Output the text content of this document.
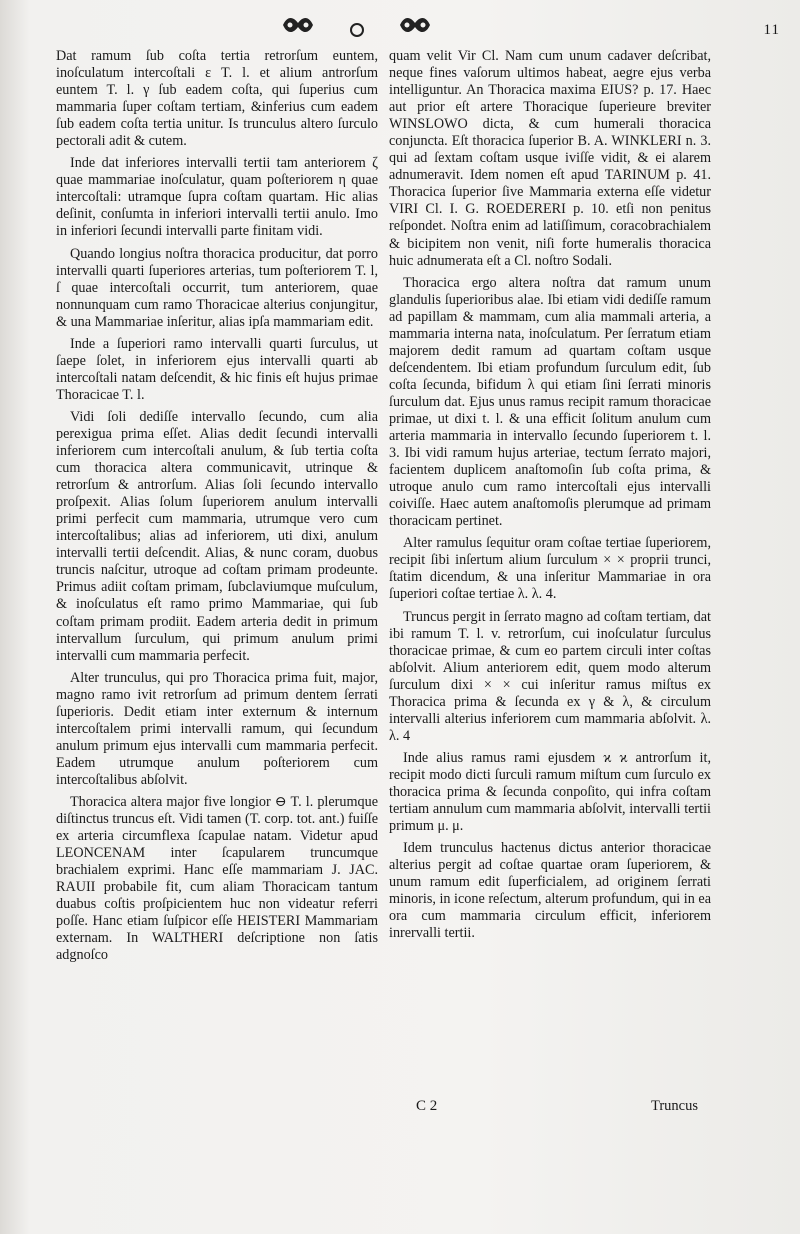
11

Dat ramum ſub coſta tertia retrorſum euntem, inoſculatum intercoſtali ε T. l. et alium antrorſum euntem T. l. γ ſub eadem coſta, qui ſuperius cum mammaria ſuper coſtam tertiam, &inferius cum eadem ſub eadem coſta tertia unitur. Is trunculus altero ſurculo pectorali adit & cutem.

Inde dat inferiores intervalli tertii tam anteriorem ζ quae mammariae inoſculatur, quam poſteriorem η quae intercoſtali: utramque ſupra coſtam quartam. Hic alias deſinit, conſumta in inferiori intervalli tertii anulo. Imo in inferiori ſecundi intervalli parte finitam vidi.

Quando longius noſtra thoracica producitur, dat porro intervalli quarti ſuperiores arterias, tum poſteriorem T. l, ſ quae intercoſtali occurrit, tum anteriorem, quae nonnunquam cum ramo Thoracicae alterius conjungitur, & una Mammariae inſeritur, alias ipſa mammariam edit.

Inde a ſuperiori ramo intervalli quarti ſurculus, ut ſaepe ſolet, in inferiorem ejus intervalli quarti ab intercoſtali natam deſcendit, & hic finis eſt hujus primae Thoracicae T. l.

Vidi ſoli dediſſe intervallo ſecundo, cum alia perexigua prima eſſet. Alias dedit ſecundi intervalli inferiorem cum intercoſtali anulum, & ſub tertia coſta cum thoracica altera communicavit, utrinque & retrorſum & antrorſum. Alias ſoli ſecundo intervallo proſpexit. Alias ſolum ſuperiorem anulum intervalli primi perfecit cum mammaria, utrumque vero cum intercoſtalibus; alias ad inferiorem, uti dixi, anulum intervalli tertii deſcendit. Alias, & nunc coram, duobus truncis naſcitur, utroque ad coſtam primam prodeunte. Primus adiit coſtam primam, ſubclaviumque muſculum, & inoſculatus eſt ramo primo Mammariae, qui ſub coſtam primam prodiit. Eadem arteria dedit in primum intervallum ſurculum, qui primum anulum primi intervalli cum mammaria perfecit.

Alter trunculus, qui pro Thoracica prima fuit, major, magno ramo ivit retrorſum ad primum dentem ſerrati ſuperioris. Dedit etiam inter externum & internum intercoſtalem primi intervalli ramum, qui ſecundum anulum primum ejus intervalli cum mammaria perfecit. Eadem utrumque anulum poſteriorem cum intercoſtalibus abſolvit.

Thoracica altera major five longior ⊖ T. l. plerumque diſtinctus truncus eſt. Vidi tamen (T. corp. tot. ant.) fuiſſe ex arteria circumflexa ſcapulae natam. Videtur apud LEONCENAM inter ſcapularem truncumque brachialem exprimi. Hanc eſſe mammariam J. JAC. RAUII probabile fit, cum aliam Thoracicam tantum duabus coſtis proſpicientem huc non videatur referri poſſe. Hanc etiam ſuſpicor eſſe HEISTERI Mammariam externam. In WALTHERI deſcriptione non ſatis adgnoſco

quam velit Vir Cl. Nam cum unum cadaver deſcribat, neque fines vaſorum ultimos habeat, aegre ejus verba intelliguntur. An Thoracica maxima EIUS? p. 17. Haec aut prior eſt artere Thoracique ſuperieure breviter WINSLOWO dicta, & cum humerali thoracica conjuncta. Eſt thoracica ſuperior B. A. WINKLERI n. 3. qui ad ſextam coſtam usque iviſſe vidit, & ei alarem adnumeravit. Idem nomen eſt apud TARINUM p. 41. Thoracica ſuperior ſive Mammaria externa eſſe videtur VIRI Cl. I. G. ROEDERERI p. 10. etſi non penitus reſpondet. Noſtra enim ad latiſſimum, coracobrachialem & bicipitem non venit, niſi forte humeralis thoracica huic adnumerata eſt a Cl. noſtro Sodali.

Thoracica ergo altera noſtra dat ramum unum glandulis ſuperioribus alae. Ibi etiam vidi dediſſe ramum ad papillam & mammam, cum alia mammali arteria, a mammaria interna nata, inoſculatum. Per ſerratum etiam majorem dedit ramum ad quartam coſtam usque deſcendentem. Ibi etiam profundum ſurculum edit, ſub coſta ſecunda, bifidum λ qui etiam ſini ſerrati minoris ſurculum dat. Ejus unus ramus recipit ramum thoracicae primae, ut dixi t. l. & una efficit ſolitum anulum cum arteria mammaria in intervallo ſecundo ſuperiorem t. l. 3. Ibi vidi ramum hujus arteriae, tectum ſerrato majori, facientem duplicem anaſtomoſin ſub coſta prima, & utroque anulo cum ramo intercoſtali ejus intervalli coiviſſe. Haec autem anaſtomoſis plerumque ad primam thoracicam pertinet.

Alter ramulus ſequitur oram coſtae tertiae ſuperiorem, recipit ſibi inſertum alium ſurculum × × proprii trunci, ſtatim dicendum, & una inſeritur Mammariae in ora ſuperiori coſtae tertiae λ. λ. 4.

Truncus pergit in ſerrato magno ad coſtam tertiam, dat ibi ramum T. l. v. retrorſum, cui inoſculatur ſurculus thoracicae primae, & cum eo partem circuli inter coſtas abſolvit. Alium anteriorem edit, quem modo alterum ſurculum dixi × × cui inſeritur ramus miſtus ex Thoracica prima & ſecunda ex γ & λ, & circulum intervalli alterius inferiorem cum mammaria abſolvit. λ. λ. 4

Inde alius ramus rami ejusdem ϰ ϰ antrorſum it, recipit modo dicti ſurculi ramum miſtum cum ſurculo ex thoracica prima & ſecunda conpoſito, qui infra coſtam tertiam annulum cum mammaria abſolvit, intervalli tertii primum μ. μ.

Idem trunculus hactenus dictus anterior thoracicae alterius pergit ad coſtae quartae oram ſuperiorem, & unum ramum edit ſuperficialem, ad originem ſerrati minoris, in icone reſectum, alterum profundum, qui in ea ora cum mammaria circulum efficit, inferiorem inrervalli tertii.

C 2	Truncus
